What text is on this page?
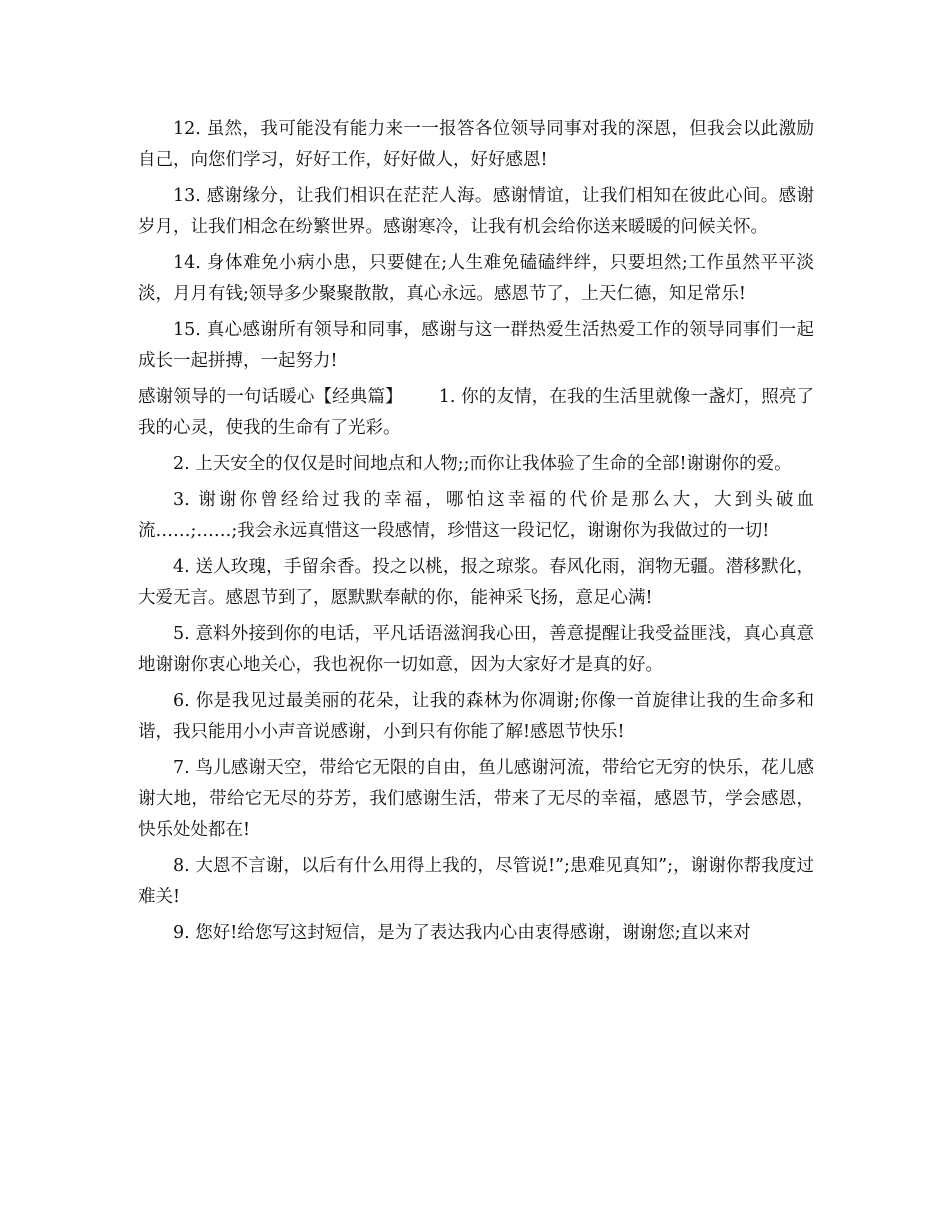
12. 虽然，我可能没有能力来一一报答各位领导同事对我的深恩，但我会以此激励自己，向您们学习，好好工作，好好做人，好好感恩!

13. 感谢缘分，让我们相识在茫茫人海。感谢情谊，让我们相知在彼此心间。感谢岁月，让我们相念在纷繁世界。感谢寒冷，让我有机会给你送来暖暖的问候关怀。

14. 身体难免小病小患，只要健在;人生难免磕磕绊绊，只要坦然;工作虽然平平淡淡，月月有钱;领导多少聚聚散散，真心永远。感恩节了，上天仁德，知足常乐!

15. 真心感谢所有领导和同事，感谢与这一群热爱生活热爱工作的领导同事们一起成长一起拼搏，一起努力!

感谢领导的一句话暖心【经典篇】 1. 你的友情，在我的生活里就像一盏灯，照亮了我的心灵，使我的生命有了光彩。

2. 上天安全的仅仅是时间地点和人物;;而你让我体验了生命的全部!谢谢你的爱。

3. 谢谢你曾经给过我的幸福，哪怕这幸福的代价是那么大，大到头破血流……;……;我会永远真惜这一段感情，珍惜这一段记忆，谢谢你为我做过的一切!

4. 送人玫瑰，手留余香。投之以桃，报之琼浆。春风化雨，润物无疆。潜移默化，大爱无言。感恩节到了，愿默默奉献的你，能神采飞扬，意足心满!

5. 意料外接到你的电话，平凡话语滋润我心田，善意提醒让我受益匪浅，真心真意地谢谢你衷心地关心，我也祝你一切如意，因为大家好才是真的好。

6. 你是我见过最美丽的花朵，让我的森林为你凋谢;你像一首旋律让我的生命多和谐，我只能用小小声音说感谢，小到只有你能了解!感恩节快乐!

7. 鸟儿感谢天空，带给它无限的自由，鱼儿感谢河流，带给它无穷的快乐，花儿感谢大地，带给它无尽的芬芳，我们感谢生活，带来了无尽的幸福，感恩节，学会感恩，快乐处处都在!

8. 大恩不言谢，以后有什么用得上我的，尽管说!”;患难见真知”;，谢谢你帮我度过难关!

9. 您好!给您写这封短信，是为了表达我内心由衷得感谢，谢谢您;直以来对
